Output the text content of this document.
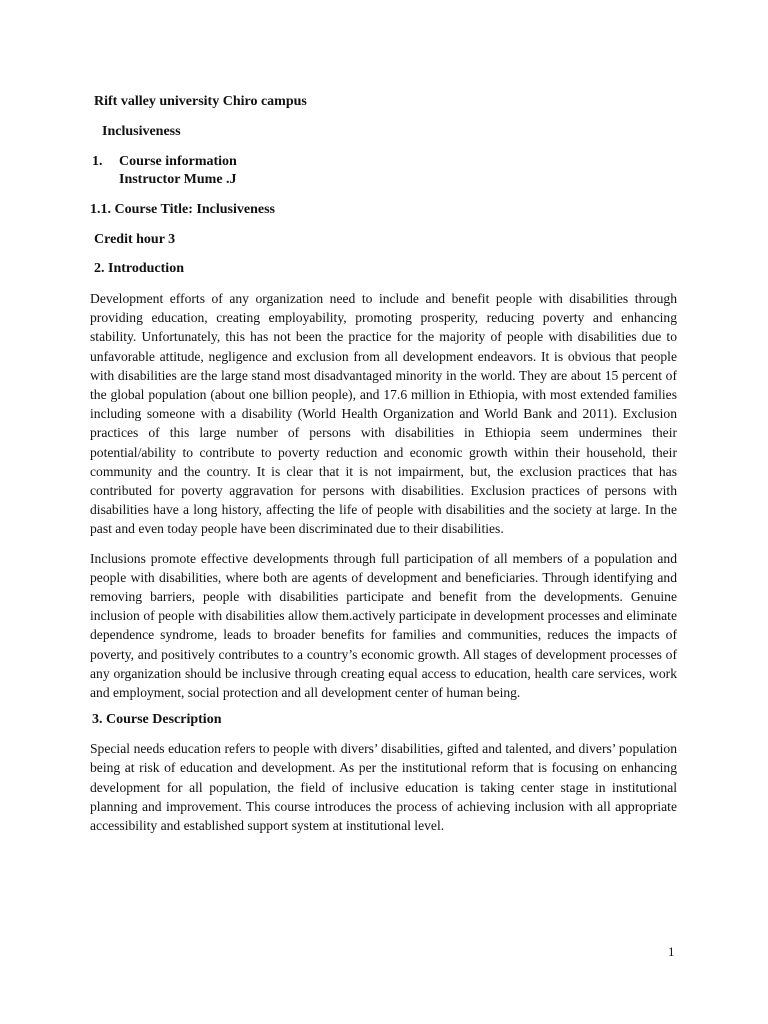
Rift valley university Chiro campus
Inclusiveness
1.	Course information
Instructor Mume .J
1.1. Course Title: Inclusiveness
Credit hour 3
2. Introduction

Development efforts of any organization need to include and benefit people with disabilities through providing education, creating employability, promoting prosperity, reducing poverty and enhancing stability. Unfortunately, this has not been the practice for the majority of people with disabilities due to unfavorable attitude, negligence and exclusion from all development endeavors. It is obvious that people with disabilities are the large stand most disadvantaged minority in the world. They are about 15 percent of the global population (about one billion people), and 17.6 million in Ethiopia, with most extended families including someone with a disability (World Health Organization and World Bank and 2011). Exclusion practices of this large number of persons with disabilities in Ethiopia seem undermines their potential/ability to contribute to poverty reduction and economic growth within their household, their community and the country. It is clear that it is not impairment, but, the exclusion practices that has contributed for poverty aggravation for persons with disabilities. Exclusion practices of persons with disabilities have a long history, affecting the life of people with disabilities and the society at large. In the past and even today people have been discriminated due to their disabilities.

Inclusions promote effective developments through full participation of all members of a population and people with disabilities, where both are agents of development and beneficiaries. Through identifying and removing barriers, people with disabilities participate and benefit from the developments. Genuine inclusion of people with disabilities allow them.actively participate in development processes and eliminate dependence syndrome, leads to broader benefits for families and communities, reduces the impacts of poverty, and positively contributes to a country’s economic growth. All stages of development processes of any organization should be inclusive through creating equal access to education, health care services, work and employment, social protection and all development center of human being.

3. Course Description

Special needs education refers to people with divers’ disabilities, gifted and talented, and divers’ population being at risk of education and development. As per the institutional reform that is focusing on enhancing development for all population, the field of inclusive education is taking center stage in institutional planning and improvement. This course introduces the process of achieving inclusion with all appropriate accessibility and established support system at institutional level.

1
